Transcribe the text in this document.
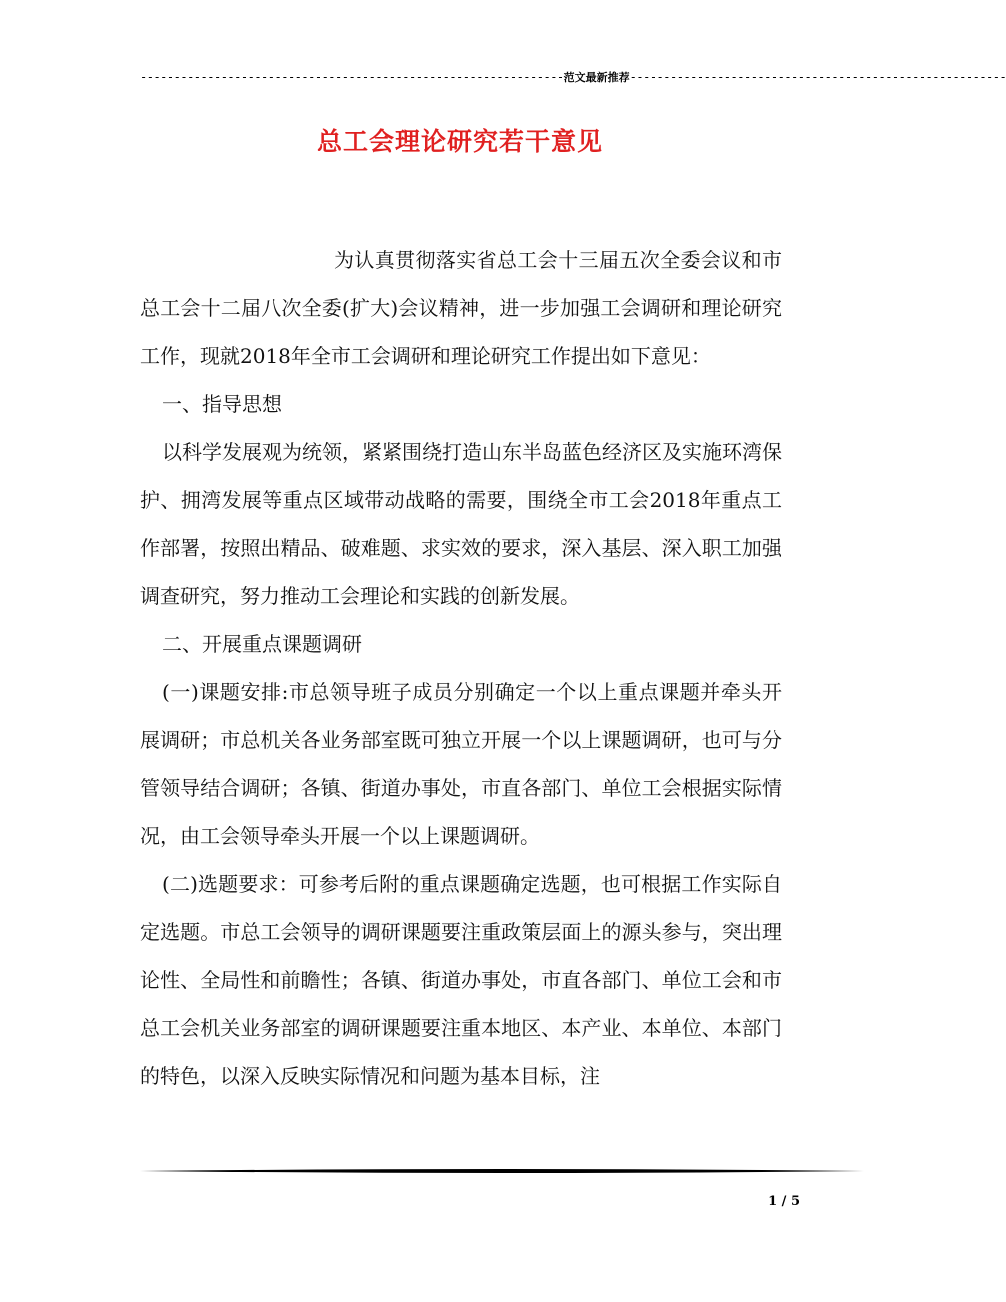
---------------------------------------------------------------范文最新推荐--------------------------------------------------------
总工会理论研究若干意见

为认真贯彻落实省总工会十三届五次全委会议和市总工会十二届八次全委(扩大)会议精神，进一步加强工会调研和理论研究工作，现就2018年全市工会调研和理论研究工作提出如下意见：

一、指导思想

以科学发展观为统领，紧紧围绕打造山东半岛蓝色经济区及实施环湾保护、拥湾发展等重点区域带动战略的需要，围绕全市工会2018年重点工作部署，按照出精品、破难题、求实效的要求，深入基层、深入职工加强调查研究，努力推动工会理论和实践的创新发展。

二、开展重点课题调研

(一)课题安排:市总领导班子成员分别确定一个以上重点课题并牵头开展调研；市总机关各业务部室既可独立开展一个以上课题调研，也可与分管领导结合调研；各镇、街道办事处，市直各部门、单位工会根据实际情况，由工会领导牵头开展一个以上课题调研。

(二)选题要求：可参考后附的重点课题确定选题，也可根据工作实际自定选题。市总工会领导的调研课题要注重政策层面上的源头参与，突出理论性、全局性和前瞻性；各镇、街道办事处，市直各部门、单位工会和市总工会机关业务部室的调研课题要注重本地区、本产业、本单位、本部门的特色，以深入反映实际情况和问题为基本目标，注

1 / 5
